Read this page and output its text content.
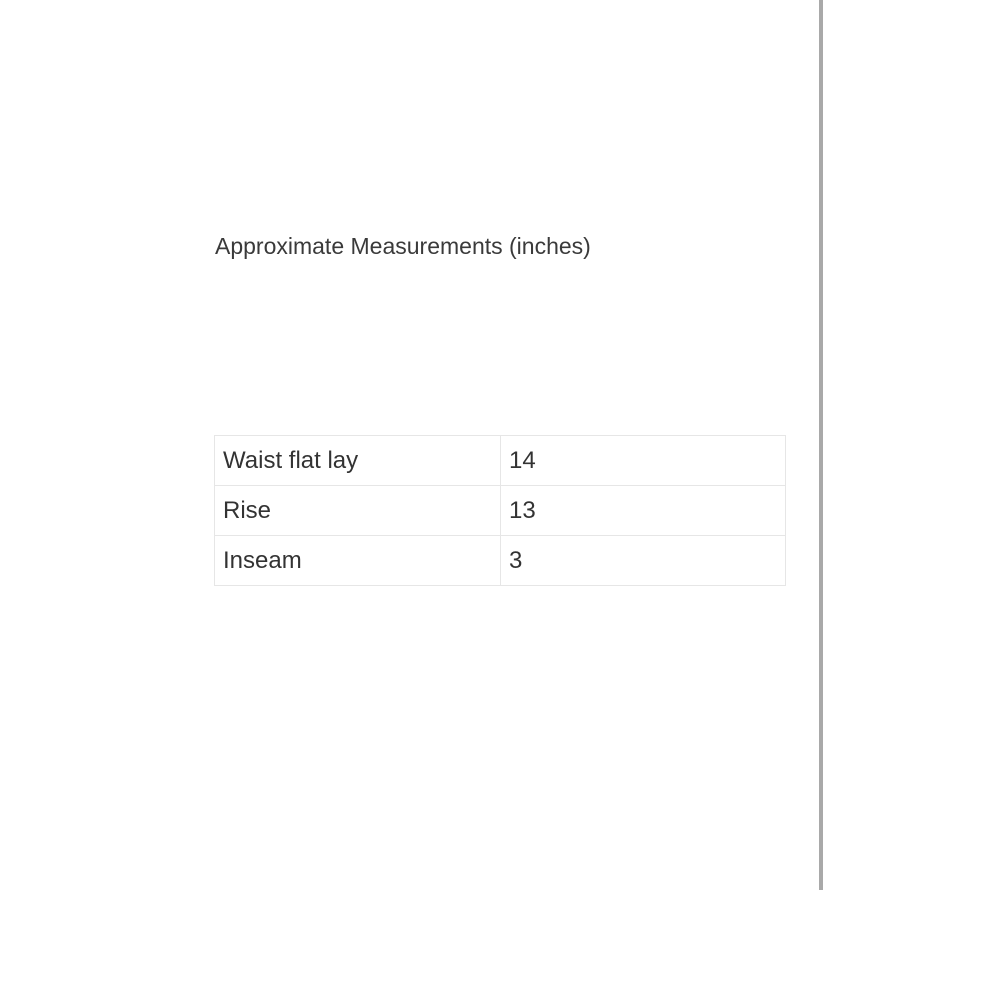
Approximate Measurements (inches)
Waist flat lay	14
Rise	13
Inseam	3
